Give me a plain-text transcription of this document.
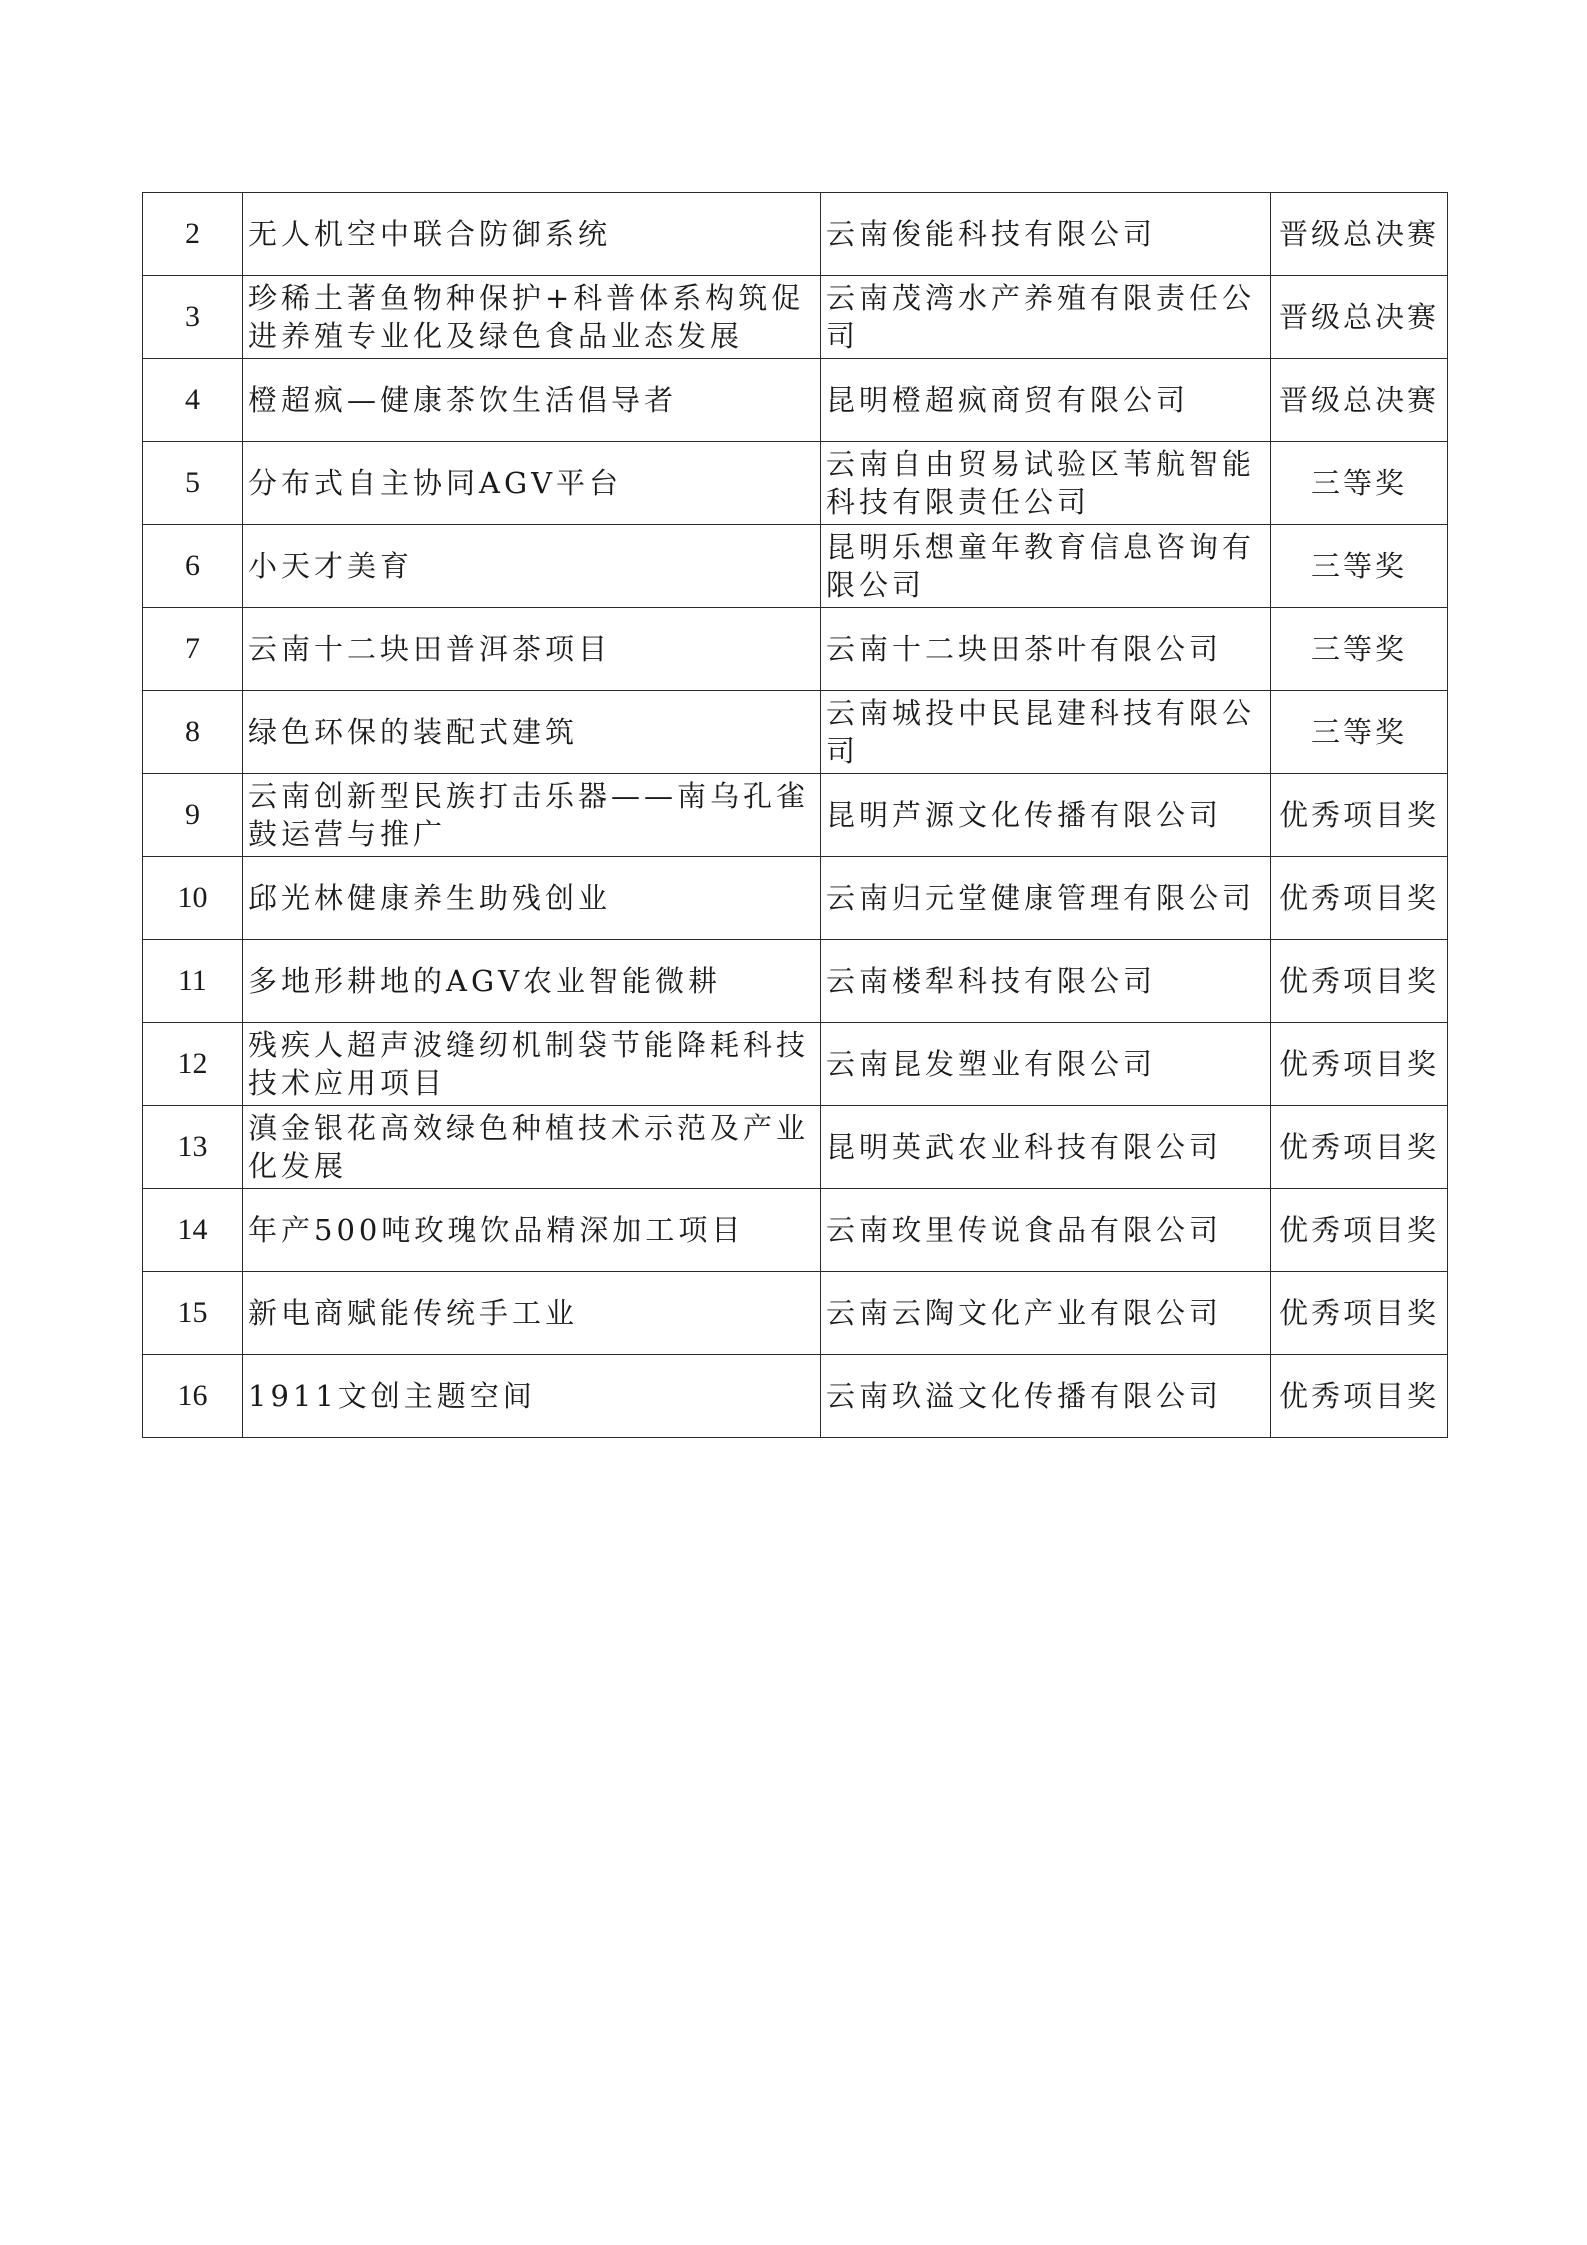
2	无人机空中联合防御系统	云南俊能科技有限公司	晋级总决赛
3	珍稀土著鱼物种保护+科普体系构筑促进养殖专业化及绿色食品业态发展	云南茂湾水产养殖有限责任公司	晋级总决赛
4	橙超疯—健康茶饮生活倡导者	昆明橙超疯商贸有限公司	晋级总决赛
5	分布式自主协同AGV平台	云南自由贸易试验区苇航智能科技有限责任公司	三等奖
6	小天才美育	昆明乐想童年教育信息咨询有限公司	三等奖
7	云南十二块田普洱茶项目	云南十二块田茶叶有限公司	三等奖
8	绿色环保的装配式建筑	云南城投中民昆建科技有限公司	三等奖
9	云南创新型民族打击乐器——南乌孔雀鼓运营与推广	昆明芦源文化传播有限公司	优秀项目奖
10	邱光林健康养生助残创业	云南归元堂健康管理有限公司	优秀项目奖
11	多地形耕地的AGV农业智能微耕	云南楼犁科技有限公司	优秀项目奖
12	残疾人超声波缝纫机制袋节能降耗科技技术应用项目	云南昆发塑业有限公司	优秀项目奖
13	滇金银花高效绿色种植技术示范及产业化发展	昆明英武农业科技有限公司	优秀项目奖
14	年产500吨玫瑰饮品精深加工项目	云南玫里传说食品有限公司	优秀项目奖
15	新电商赋能传统手工业	云南云陶文化产业有限公司	优秀项目奖
16	1911文创主题空间	云南玖溢文化传播有限公司	优秀项目奖
